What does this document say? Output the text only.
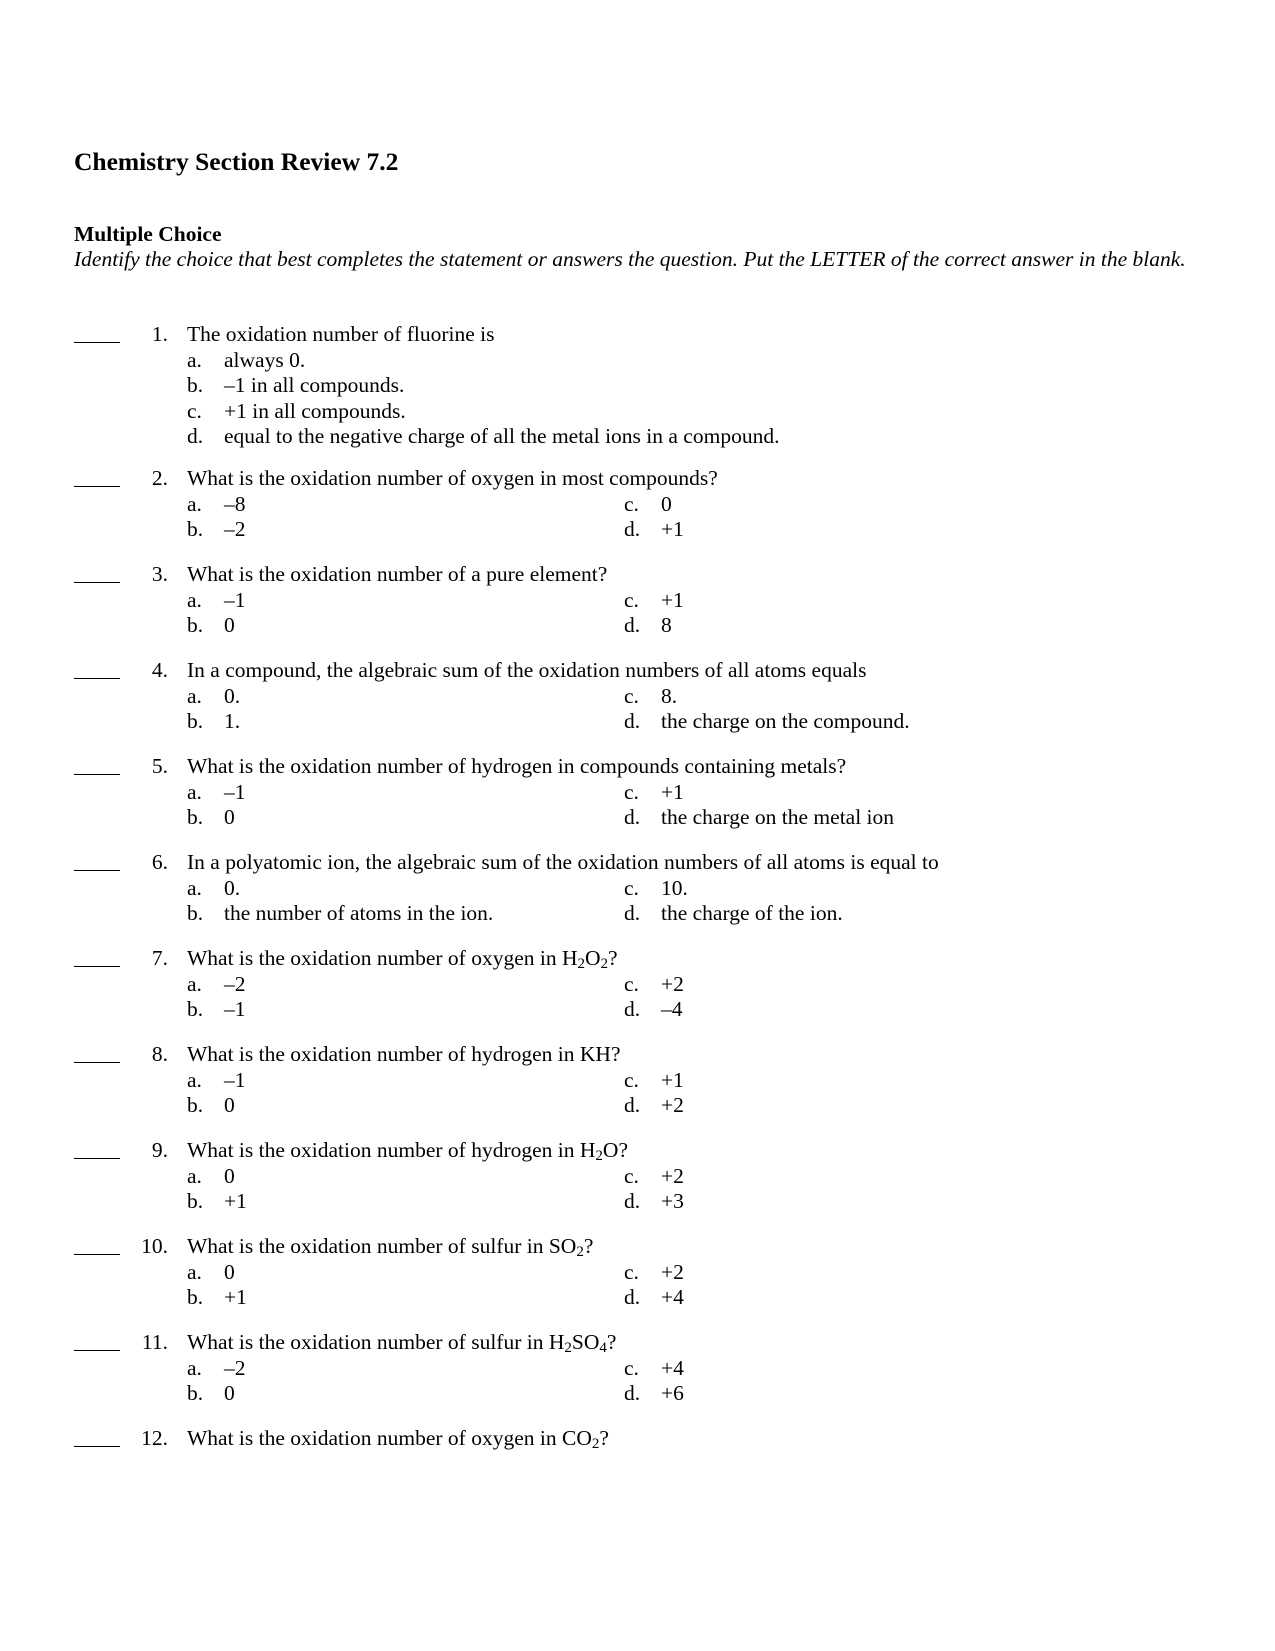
Chemistry Section Review 7.2
Multiple Choice
Identify the choice that best completes the statement or answers the question. Put the LETTER of the correct answer in the blank.
1. The oxidation number of fluorine is
a.	always 0.
b. –1 in all compounds.
c.	+1 in all compounds.
d. equal to the negative charge of all the metal ions in a compound.
2. What is the oxidation number of oxygen in most compounds?
a.	–8
b. –2
c.	0
d. +1
3. What is the oxidation number of a pure element?
a.	–1
b. 0
c.	+1
d. 8
4. In a compound, the algebraic sum of the oxidation numbers of all atoms equals
a.	0.
b. 1.
c.	8.
d. the charge on the compound.
5. What is the oxidation number of hydrogen in compounds containing metals?
a.	–1
b. 0
c.	+1
d. the charge on the metal ion
6. In a polyatomic ion, the algebraic sum of the oxidation numbers of all atoms is equal to
a.	0.
b. the number of atoms in the ion.
c.	10.
d. the charge of the ion.
7. What is the oxidation number of oxygen in $H_2O_2$?
a.	–2
b. –1
c.	+2
d. –4
8. What is the oxidation number of hydrogen in KH?
a.	–1
b. 0
c.	+1
d. +2
9. What is the oxidation number of hydrogen in $H_2O$?
a.	0
b. +1
c.	+2
d. +3
10. What is the oxidation number of sulfur in $SO_2$?
a.	0
b. +1
c.	+2
d. +4
11. What is the oxidation number of sulfur in $H_2SO_4$?
a.	–2
b. 0
c.	+4
d. +6
12. What is the oxidation number of oxygen in $CO_2$?
